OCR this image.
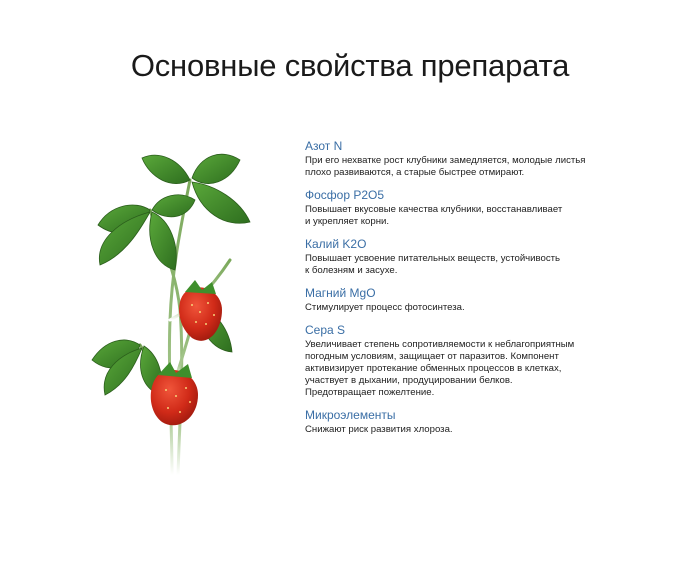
Основные свойства препарата
Азот N
При его нехватке рост клубники замедляется, молодые листья
плохо развиваются, а старые быстрее отмирают.
Фосфор P2O5
Повышает вкусовые качества клубники, восстанавливает
и укрепляет корни.
Калий K2O
Повышает усвоение питательных веществ, устойчивость
к болезням и засухе.
Магний MgO
Стимулирует процесс фотосинтеза.
Сера S
Увеличивает степень сопротивляемости к неблагоприятным
погодным условиям, защищает от паразитов. Компонент
активизирует протекание обменных процессов в клетках,
участвует в дыхании, продуцировании белков.
Предотвращает пожелтение.
Микроэлементы
Снижают риск развития хлороза.
